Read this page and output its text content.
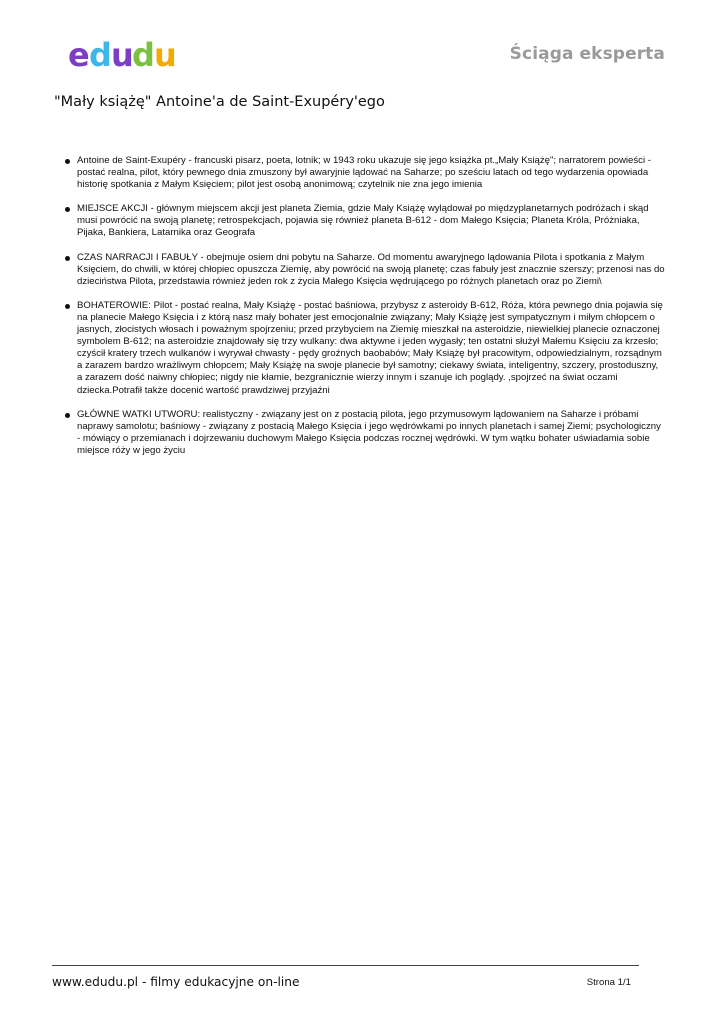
e d u
d u	Ściąga eksperta
"Mały książę" Antoine'a de Saint-Exupéry'ego
Antoine de Saint-Exupéry - francuski pisarz, poeta, lotnik; w 1943 roku ukazuje się jego książka pt.„Mały Książę"; narratorem powieści - postać realna, pilot, który pewnego dnia zmuszony był awaryjnie lądować na Saharze; po sześciu latach od tego wydarzenia opowiada historię spotkania z Małym Księciem; pilot jest osobą anonimową; czytelnik nie zna jego imienia
MIEJSCE AKCJI - głównym miejscem akcji jest planeta Ziemia, gdzie Mały Książę wylądował po międzyplanetarnych podróżach i skąd musi powrócić na swoją planetę; retrospekcjach, pojawia się również planeta B-612 - dom Małego Księcia; Planeta Króla, Próżniaka, Pijaka, Bankiera, Latarnika oraz Geografa
CZAS NARRACJI I FABUŁY - obejmuje osiem dni pobytu na Saharze. Od momentu awaryjnego lądowania Pilota i spotkania z Małym Księciem, do chwili, w której chłopiec opuszcza Ziemię, aby powrócić na swoją planetę; czas fabuły jest znacznie szerszy; przenosi nas do dzieciństwa Pilota, przedstawia również jeden rok z życia Małego Księcia wędrującego po różnych planetach oraz po Ziemi\
BOHATEROWIE: Pilot - postać realna, Mały Książę - postać baśniowa, przybysz z asteroidy B-612, Róża, która pewnego dnia pojawia się na planecie Małego Księcia i z którą nasz mały bohater jest emocjonalnie związany; Mały Książę jest sympatycznym i miłym chłopcem o jasnych, złocistych włosach i poważnym spojrzeniu; przed przybyciem na Ziemię mieszkał na asteroidzie, niewielkiej planecie oznaczonej symbolem B-612; na asteroidzie znajdowały się trzy wulkany: dwa aktywne i jeden wygasły; ten ostatni służył Małemu Księciu za krzesło; czyścił kratery trzech wulkanów i wyrywał chwasty - pędy groźnych baobabów; Mały Książę był pracowitym, odpowiedzialnym, rozsądnym a zarazem bardzo wrażliwym chłopcem; Mały Książę na swoje planecie był samotny; ciekawy świata, inteligentny, szczery, prostoduszny, a zarazem dość naiwny chłopiec; nigdy nie kłamie, bezgranicznie wierzy innym i szanuje ich poglądy. ,spojrzeć na świat oczami dziecka.Potrafił także docenić wartość prawdziwej przyjaźni
GŁÓWNE WATKI UTWORU: realistyczny - związany jest on z postacią pilota, jego przymusowym lądowaniem na Saharze i próbami naprawy samolotu; baśniowy - związany z postacią Małego Księcia i jego wędrówkami po innych planetach i samej Ziemi; psychologiczny - mówiący o przemianach i dojrzewaniu duchowym Małego Księcia podczas rocznej wędrówki. W tym wątku bohater uświadamia sobie miejsce róży w jego życiu
www.edudu.pl - filmy edukacyjne on-line	Strona 1/1
